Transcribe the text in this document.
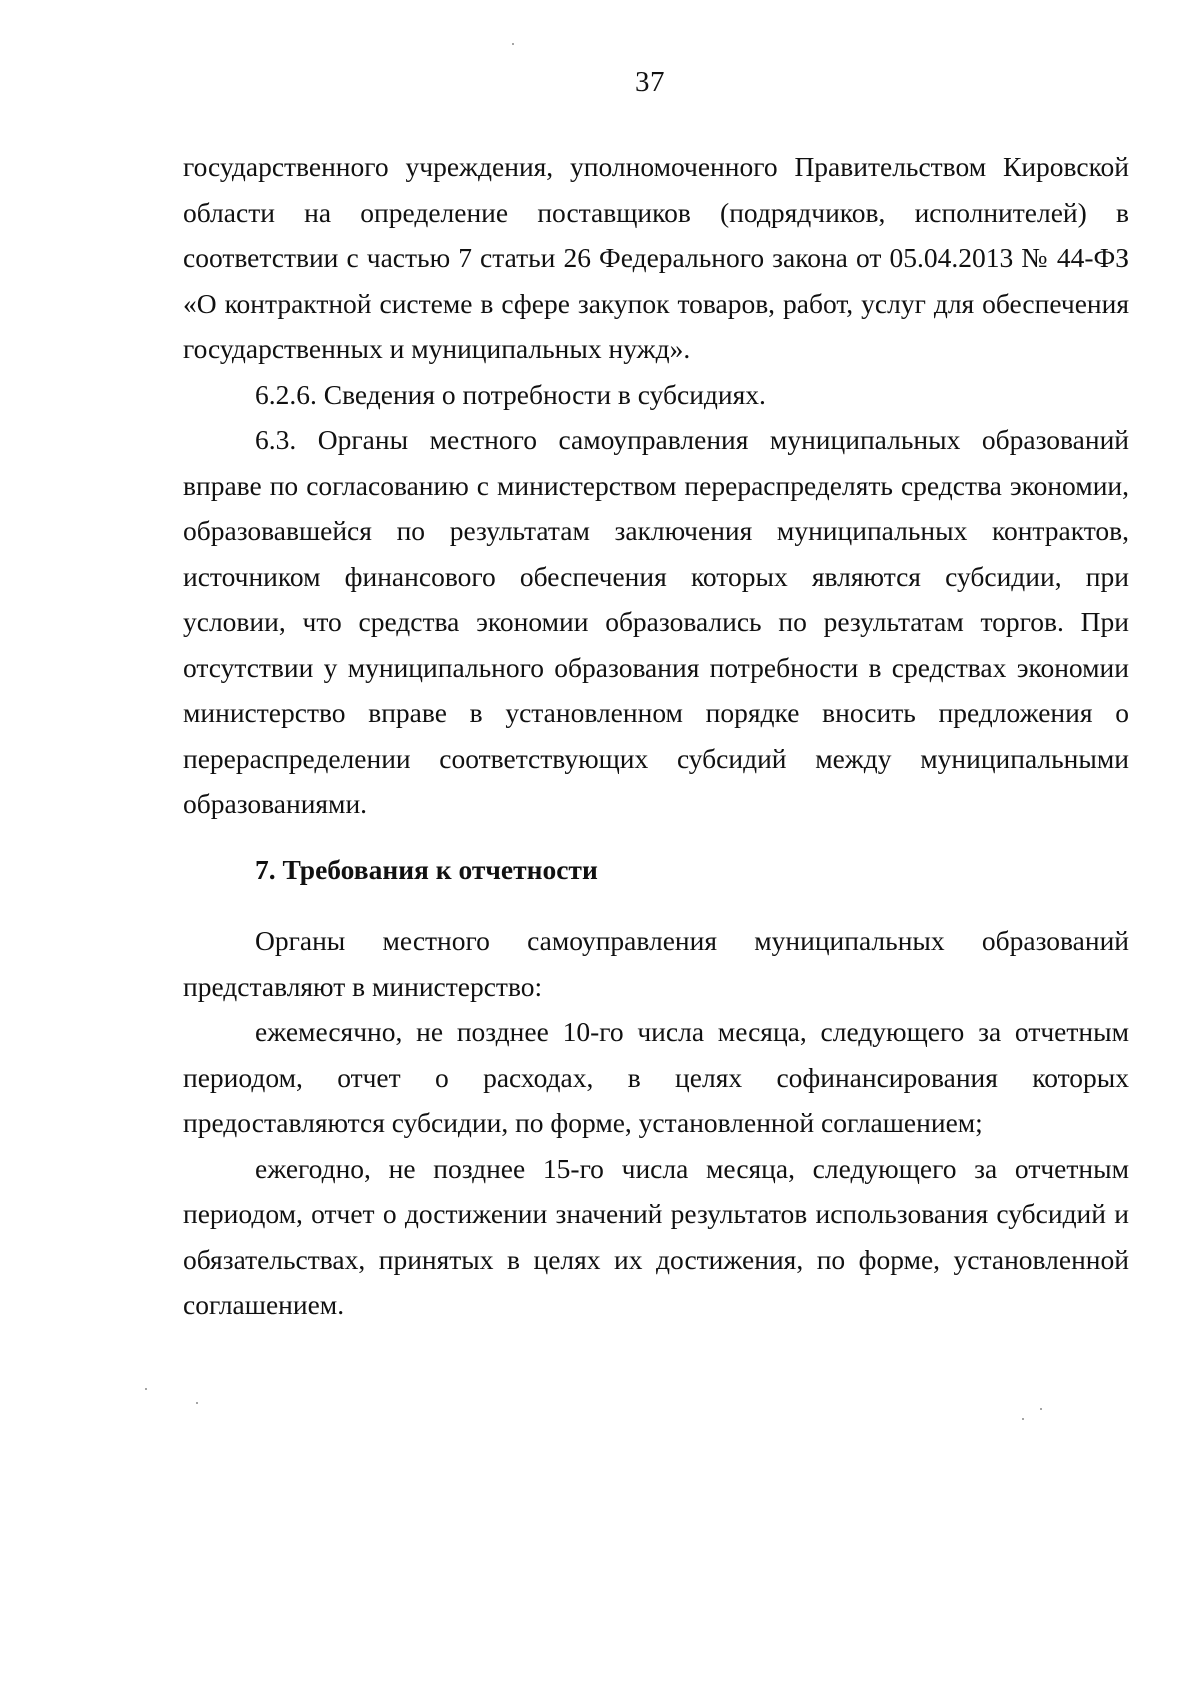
37

государственного учреждения, уполномоченного Правительством Кировской области на определение поставщиков (подрядчиков, исполнителей) в соответствии с частью 7 статьи 26 Федерального закона от 05.04.2013 № 44-ФЗ «О контрактной системе в сфере закупок товаров, работ, услуг для обеспечения государственных и муниципальных нужд».

6.2.6. Сведения о потребности в субсидиях.

6.3. Органы местного самоуправления муниципальных образований вправе по согласованию с министерством перераспределять средства экономии, образовавшейся по результатам заключения муниципальных контрактов, источником финансового обеспечения которых являются субсидии, при условии, что средства экономии образовались по результатам торгов. При отсутствии у муниципального образования потребности в средствах экономии министерство вправе в установленном порядке вносить предложения о перераспределении соответствующих субсидий между муниципальными образованиями.

7. Требования к отчетности

Органы местного самоуправления муниципальных образований представляют в министерство:

ежемесячно, не позднее 10-го числа месяца, следующего за отчетным периодом, отчет о расходах, в целях софинансирования которых предоставляются субсидии, по форме, установленной соглашением;

ежегодно, не позднее 15-го числа месяца, следующего за отчетным периодом, отчет о достижении значений результатов использования субсидий и обязательствах, принятых в целях их достижения, по форме, установленной соглашением.
